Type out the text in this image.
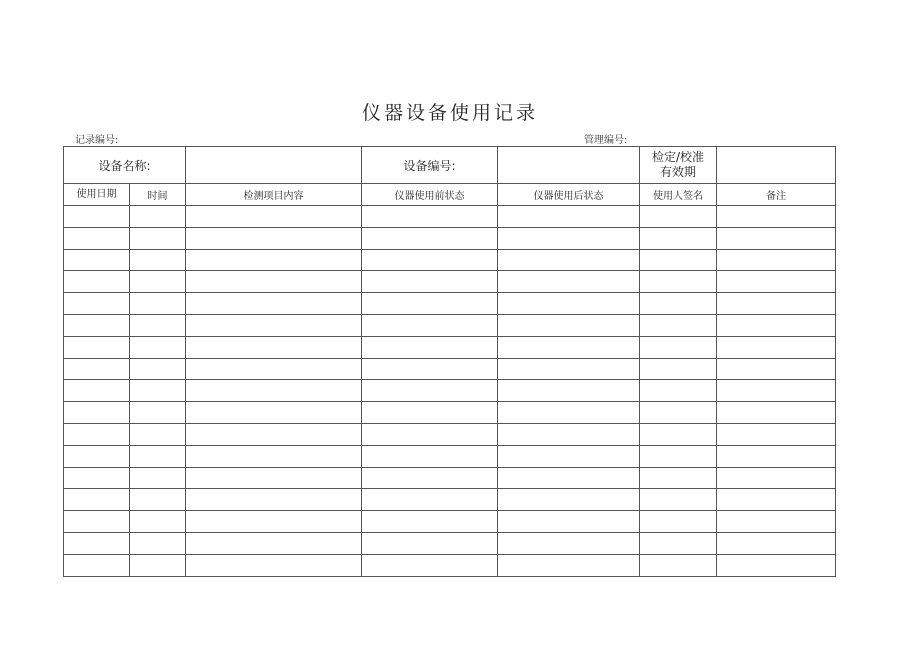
仪器设备使用记录
记录编号:	管理编号:
设备名称:			设备编号:		检定/校准有效期	
使用日期	时间	检测项目内容	仪器使用前状态	仪器使用后状态	使用人签名	备注
